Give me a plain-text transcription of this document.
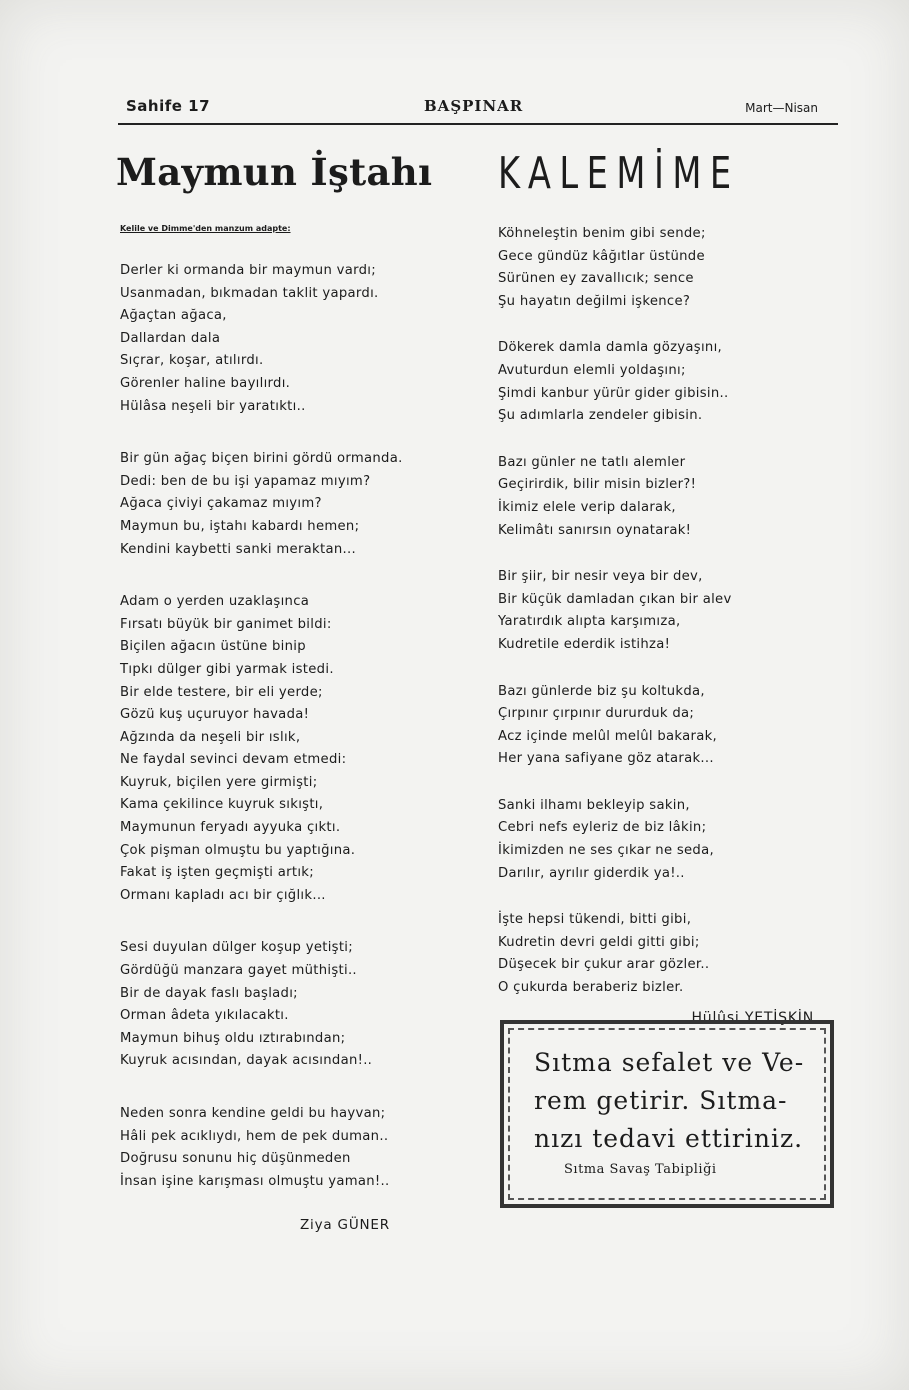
Sahife 17	BAŞPINAR	Mart—Nisan
Maymun İştahı
Kelile ve Dimme'den manzum adapte:
Derler ki ormanda bir maymun vardı;
Usanmadan, bıkmadan taklit yapardı.
Ağaçtan ağaca,
Dallardan dala
Sıçrar, koşar, atılırdı.
Görenler haline bayılırdı.
Hülâsa neşeli bir yaratıktı..
Bir gün ağaç biçen birini gördü ormanda.
Dedi: ben de bu işi yapamaz mıyım?
Ağaca çiviyi çakamaz mıyım?
Maymun bu, iştahı kabardı hemen;
Kendini kaybetti sanki meraktan...
Adam o yerden uzaklaşınca
Fırsatı büyük bir ganimet bildi:
Biçilen ağacın üstüne binip
Tıpkı dülger gibi yarmak istedi.
Bir elde testere, bir eli yerde;
Gözü kuş uçuruyor havada!
Ağzında da neşeli bir ıslık,
Ne faydal sevinci devam etmedi:
Kuyruk, biçilen yere girmişti;
Kama çekilince kuyruk sıkıştı,
Maymunun feryadı ayyuka çıktı.
Çok pişman olmuştu bu yaptığına.
Fakat iş işten geçmişti artık;
Ormanı kapladı acı bir çığlık...
Sesi duyulan dülger koşup yetişti;
Gördüğü manzara gayet müthişti..
Bir de dayak faslı başladı;
Orman âdeta yıkılacaktı.
Maymun bihuş oldu ıztırabından;
Kuyruk acısından, dayak acısından!..
Neden sonra kendine geldi bu hayvan;
Hâli pek acıklıydı, hem de pek duman..
Doğrusu sonunu hiç düşünmeden
İnsan işine karışması olmuştu yaman!..
Ziya GÜNER
KALEMİME
Köhneleştin benim gibi sende;
Gece gündüz kâğıtlar üstünde
Sürünen ey zavallıcık; sence
Şu hayatın değilmi işkence?
Dökerek damla damla gözyaşını,
Avuturdun elemli yoldaşını;
Şimdi kanbur yürür gider gibisin..
Şu adımlarla zendeler gibisin.
Bazı günler ne tatlı alemler
Geçirirdik, bilir misin bizler?!
İkimiz elele verip dalarak,
Kelimâtı sanırsın oynatarak!
Bir şiir, bir nesir veya bir dev,
Bir küçük damladan çıkan bir alev
Yaratırdık alıpta karşımıza,
Kudretile ederdik istihza!
Bazı günlerde biz şu koltukda,
Çırpınır çırpınır dururduk da;
Acz içinde melûl melûl bakarak,
Her yana safiyane göz atarak...
Sanki ilhamı bekleyip sakin,
Cebri nefs eyleriz de biz lâkin;
İkimizden ne ses çıkar ne seda,
Darılır, ayrılır giderdik ya!..
İşte hepsi tükendi, bitti gibi,
Kudretin devri geldi gitti gibi;
Düşecek bir çukur arar gözler..
O çukurda beraberiz bizler.
Hülûsi YETİŞKİN
Sıtma sefalet ve Ve-
rem getirir. Sıtma-
nızı tedavi ettiriniz.
Sıtma Savaş Tabipliği
